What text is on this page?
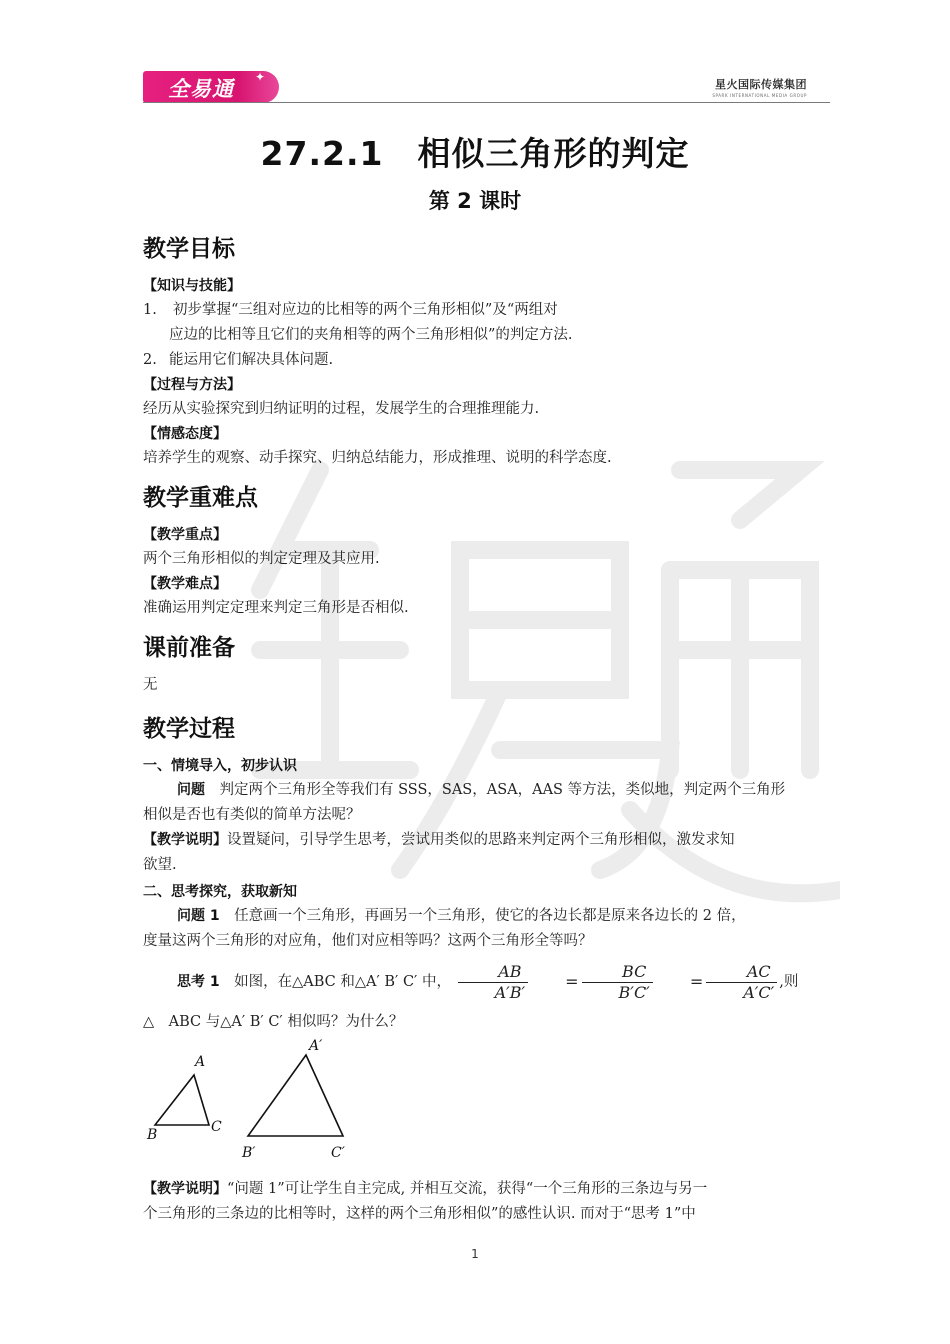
全易通 ✦
星火国际传媒集团
SPARK INTERNATIONAL MEDIA GROUP
27.2.1　相似三角形的判定
第 2 课时
教学目标
【知识与技能】
1. 初步掌握“三组对应边的比相等的两个三角形相似”及“两组对
应边的比相等且它们的夹角相等的两个三角形相似”的判定方法.
2. 能运用它们解决具体问题.
【过程与方法】
经历从实验探究到归纳证明的过程，发展学生的合理推理能力.
【情感态度】
培养学生的观察、动手探究、归纳总结能力，形成推理、说明的科学态度.
教学重难点
【教学重点】
两个三角形相似的判定定理及其应用.
【教学难点】
准确运用判定定理来判定三角形是否相似.
课前准备
无
教学过程
一、情境导入，初步认识
问题　 判定两个三角形全等我们有 SSS，SAS，ASA，AAS 等方法，类似地，判定两个三角形
相似是否也有类似的简单方法呢？
【教学说明】设置疑问，引导学生思考，尝试用类似的思路来判定两个三角形相似，激发求知
欲望.
二、思考探究，获取新知
问题 1　 任意画一个三角形，再画另一个三角形，使它的各边长都是原来各边长的 2 倍，
度量这两个三角形的对应角，他们对应相等吗？这两个三角形全等吗？
思考 1　 如图，在△ABC 和△A′ B′ C′ 中， $\frac{AB}{A'B'} = \frac{BC}{B'C'} = \frac{AC}{A'C'}$ ,则
△　ABC 与△A′ B′ C′ 相似吗？为什么？
A
B	C
A′
B′	C′
【教学说明】“问题 1”可让学生自主完成, 并相互交流，获得“一个三角形的三条边与另一
个三角形的三条边的比相等时，这样的两个三角形相似”的感性认识. 而对于“思考 1”中
1
